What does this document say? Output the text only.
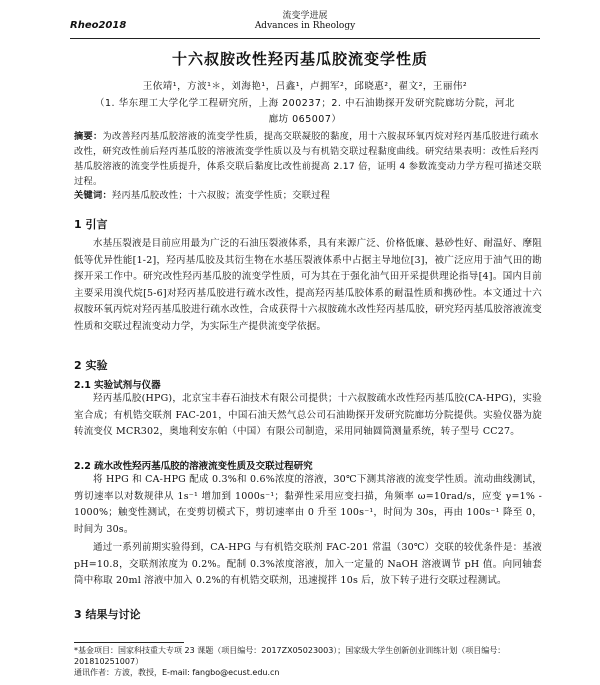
Rheo2018
流变学进展
Advances in Rheology
十六叔胺改性羟丙基瓜胶流变学性质
王依靖¹，方波¹＊，刘海艳¹，吕鑫¹，卢拥军²，邱晓惠²，翟文²，王丽伟²
（1. 华东理工大学化学工程研究所，上海 200237；2. 中石油勘探开发研究院廊坊分院，河北 廊坊 065007）
摘要：为改善羟丙基瓜胶溶液的流变学性质，提高交联凝胶的黏度，用十六胺叔环氧丙烷对羟丙基瓜胶进行疏水改性，研究改性前后羟丙基瓜胶的溶液流变学性质以及与有机锆交联过程黏度曲线。研究结果表明：改性后羟丙基瓜胶溶液的流变学性质提升，体系交联后黏度比改性前提高 2.17 倍，证明 4 参数流变动力学方程可描述交联过程。
关键词：羟丙基瓜胶改性；十六叔胺；流变学性质；交联过程
1 引言
水基压裂液是目前应用最为广泛的石油压裂液体系，具有来源广泛、价格低廉、悬砂性好、耐温好、摩阻低等优异性能[1-2]，羟丙基瓜胶及其衍生物在水基压裂液体系中占据主导地位[3]，被广泛应用于油气田的勘探开采工作中。研究改性羟丙基瓜胶的流变学性质，可为其在于强化油气田开采提供理论指导[4]。国内目前主要采用溴代烷[5-6]对羟丙基瓜胶进行疏水改性，提高羟丙基瓜胶体系的耐温性质和携砂性。本文通过十六叔胺环氧丙烷对羟丙基瓜胶进行疏水改性，合成获得十六叔胺疏水改性羟丙基瓜胶，研究羟丙基瓜胶溶液流变性质和交联过程流变动力学，为实际生产提供流变学依据。
2 实验
2.1 实验试剂与仪器
羟丙基瓜胶(HPG)，北京宝丰春石油技术有限公司提供；十六叔胺疏水改性羟丙基瓜胶(CA-HPG)，实验室合成；有机锆交联剂 FAC-201，中国石油天然气总公司石油勘探开发研究院廊坊分院提供。实验仪器为旋转流变仪 MCR302，奥地利安东帕（中国）有限公司制造，采用同轴圆筒测量系统，转子型号 CC27。
2.2 疏水改性羟丙基瓜胶的溶液流变性质及交联过程研究
将 HPG 和 CA-HPG 配成 0.3%和 0.6%浓度的溶液，30℃下测其溶液的流变学性质。流动曲线测试，剪切速率以对数规律从 1s⁻¹ 增加到 1000s⁻¹；黏弹性采用应变扫描，角频率 ω=10rad/s，应变 γ=1% - 1000%；触变性测试，在变剪切模式下，剪切速率由 0 升至 100s⁻¹，时间为 30s，再由 100s⁻¹ 降至 0，时间为 30s。
通过一系列前期实验得到，CA-HPG 与有机锆交联剂 FAC-201 常温（30℃）交联的较优条件是：基液 pH=10.8，交联剂浓度为 0.2%。配制 0.3%浓度溶液，加入一定量的 NaOH 溶液调节 pH 值。向同轴套筒中称取 20ml 溶液中加入 0.2%的有机锆交联剂，迅速搅拌 10s 后，放下转子进行交联过程测试。
3 结果与讨论
*基金项目：国家科技重大专项 23 课题（项目编号：2017ZX05023003）；国家级大学生创新创业训练计划（项目编号：201810251007）
通讯作者：方波，教授，E-mail: fangbo@ecust.edu.cn
